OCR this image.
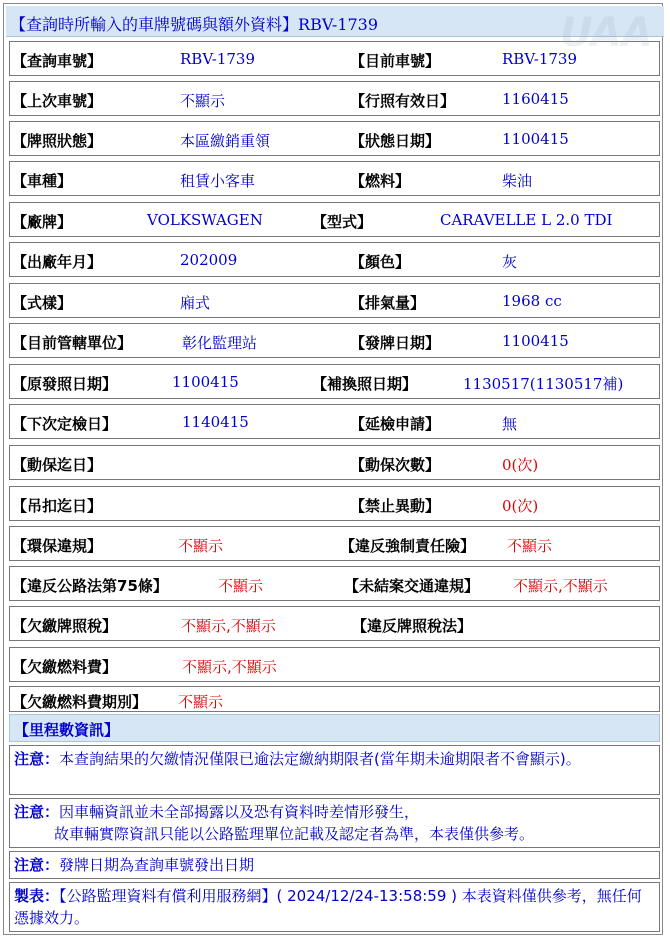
【查詢時所輸入的車牌號碼與額外資料】RBV-1739
【查詢車號】	RBV-1739	【目前車號】	RBV-1739
【上次車號】	不顯示	【行照有效日】	1160415
【牌照狀態】	本區繳銷重領	【狀態日期】	1100415
【車種】	租賃小客車	【燃料】	柴油
【廠牌】	VOLKSWAGEN	【型式】	CARAVELLE L 2.0 TDI
【出廠年月】	202009	【顏色】	灰
【式樣】	廂式	【排氣量】	1968 cc
【目前管轄單位】	彰化監理站	【發牌日期】	1100415
【原發照日期】	1100415	【補換照日期】	1130517(1130517補)
【下次定檢日】	1140415	【延檢申請】	無
【動保迄日】	【動保次數】	0(次)
【吊扣迄日】	【禁止異動】	0(次)
【環保違規】	不顯示	【違反強制責任險】 不顯示
【違反公路法第75條】	不顯示	【未結案交通違規】 不顯示,不顯示
【欠繳牌照稅】	不顯示,不顯示	【違反牌照稅法】
【欠繳燃料費】	不顯示,不顯示
【欠繳燃料費期別】 不顯示
【里程數資訊】
注意：本查詢結果的欠繳情況僅限已逾法定繳納期限者(當年期未逾期限者不會顯示)。
注意：因車輛資訊並未全部揭露以及恐有資料時差情形發生，
故車輛實際資訊只能以公路監理單位記載及認定者為準，本表僅供參考。
注意：發牌日期為查詢車號發出日期
製表：【公路監理資料有償利用服務網】( 2024/12/24-13:58:59 ) 本表資料僅供參考，無任何憑據效力。
